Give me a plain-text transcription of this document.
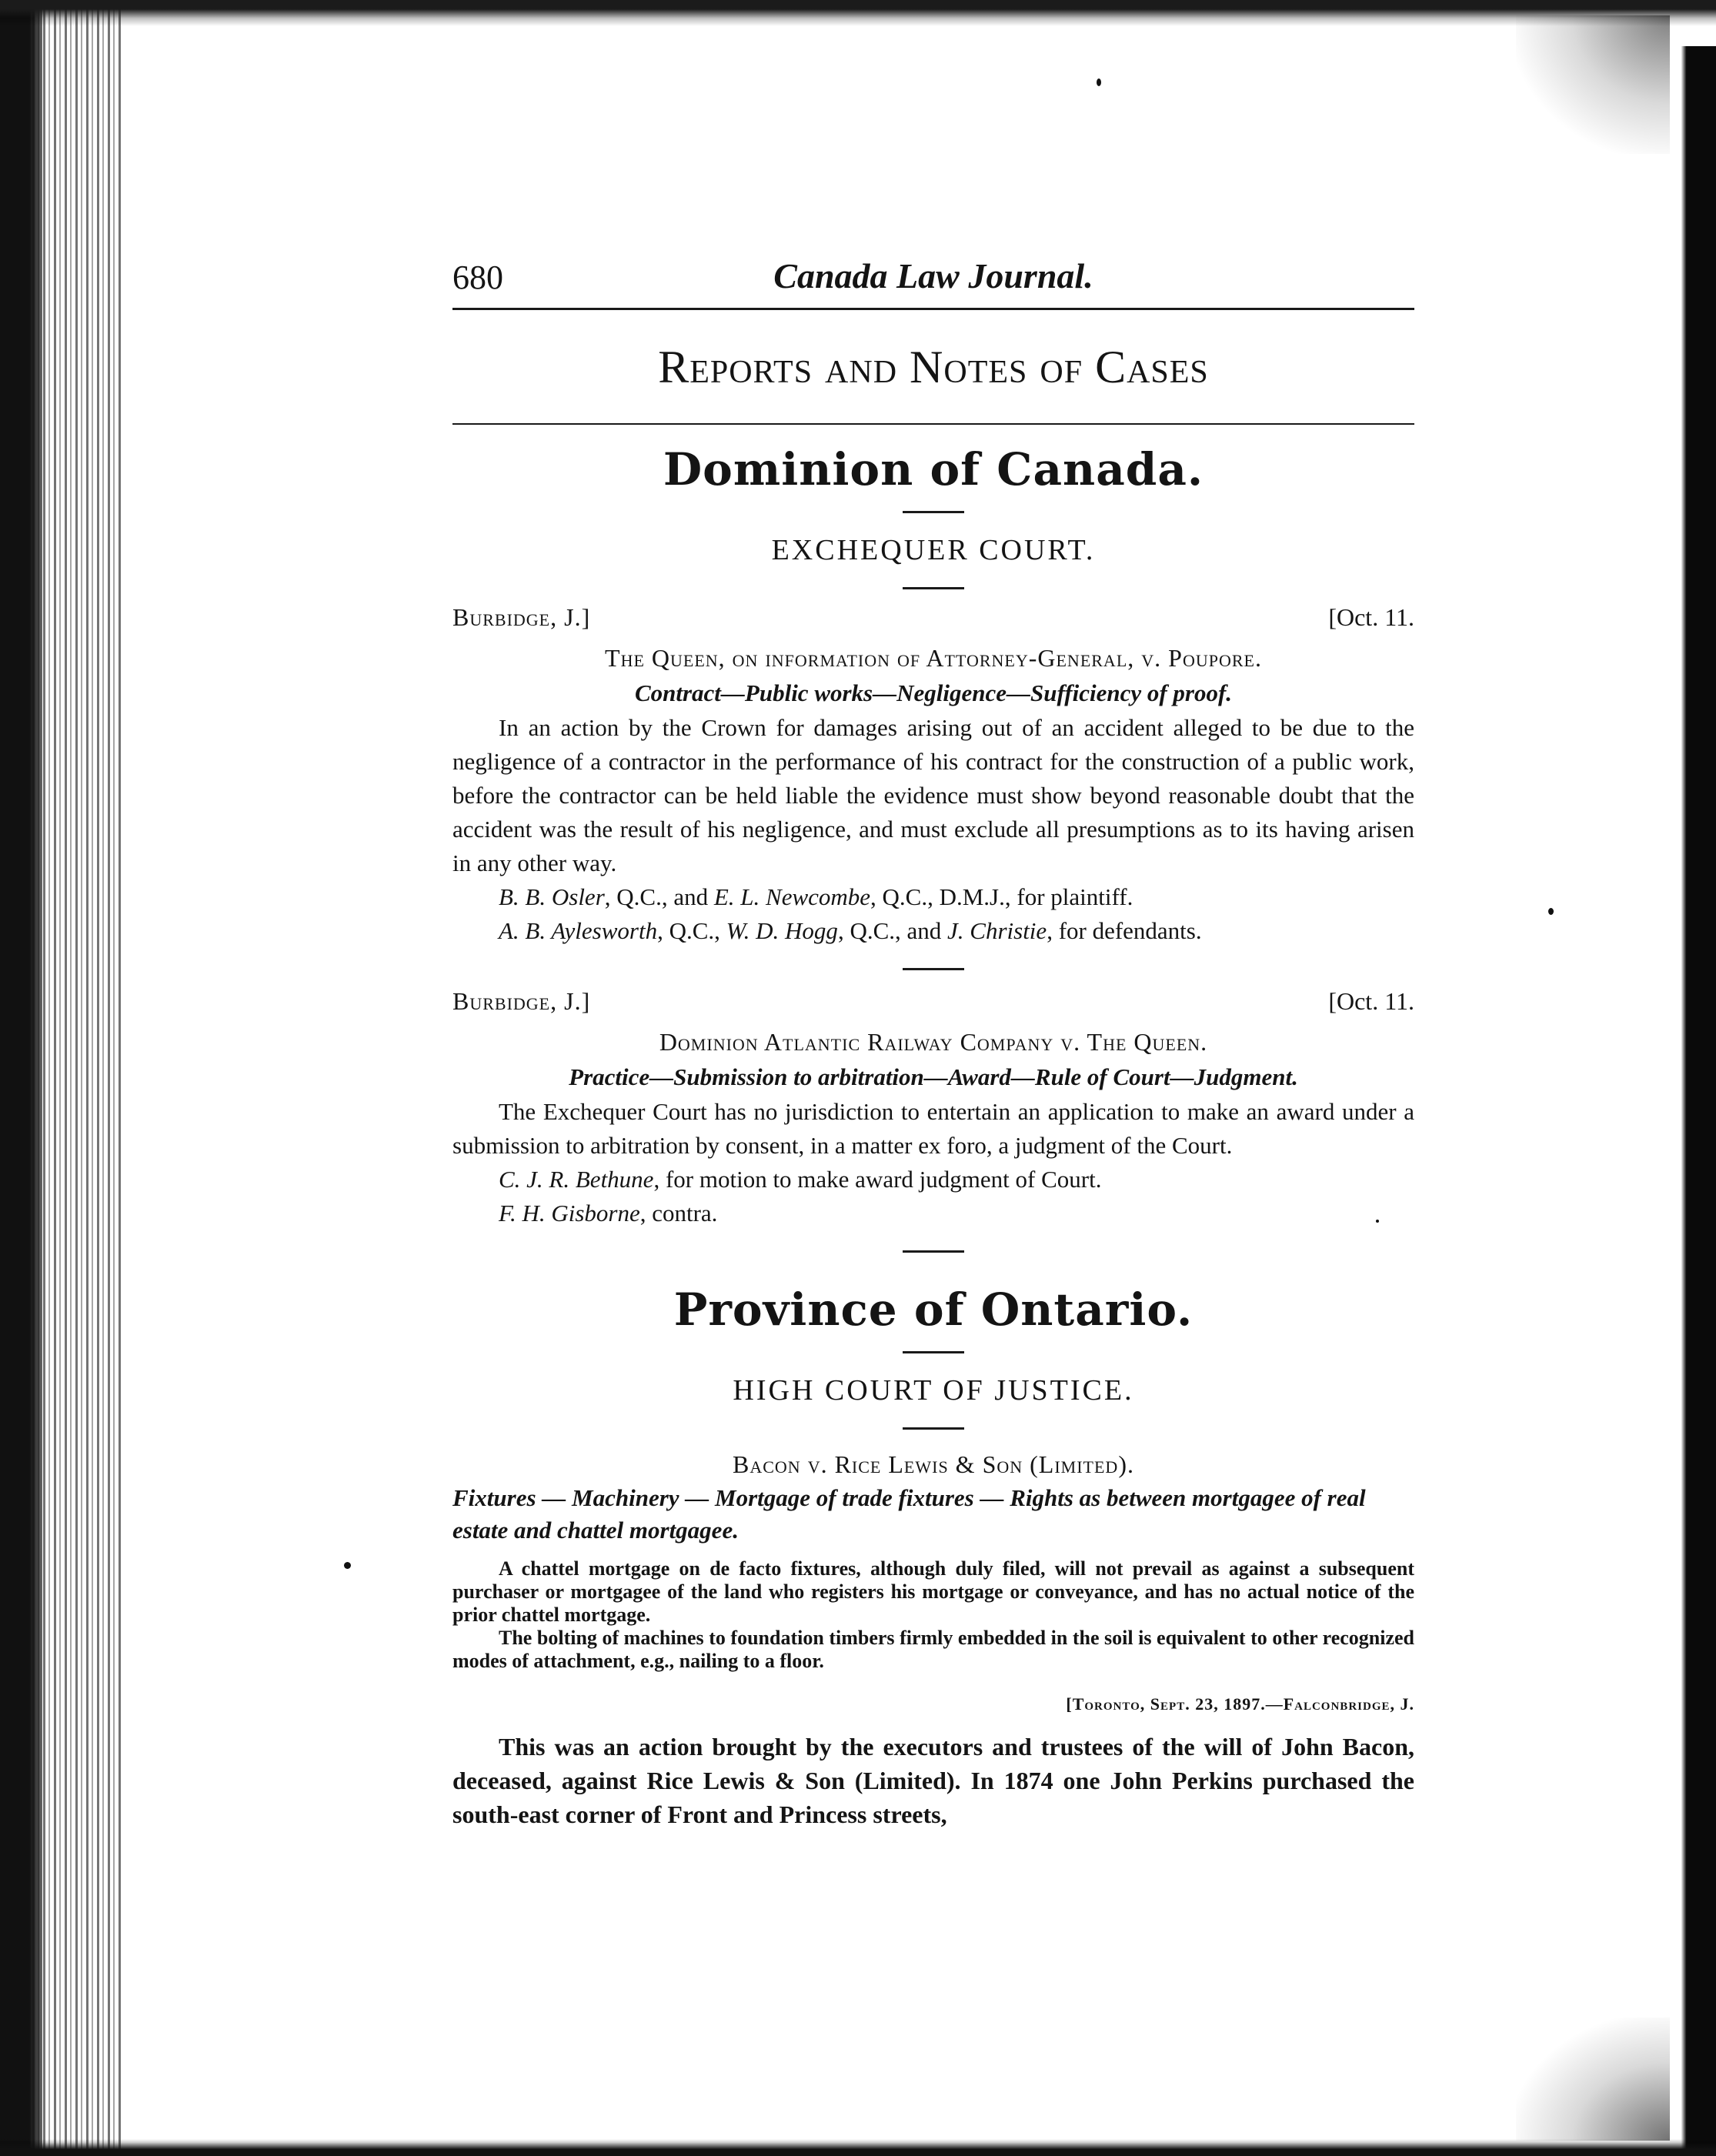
680	Canada Law Journal.
Reports and Notes of Cases
Dominion of Canada.
EXCHEQUER COURT.
Burbidge, J.]	[Oct. 11.
The Queen, on information of Attorney-General, v. Poupore.
Contract—Public works—Negligence—Sufficiency of proof.

In an action by the Crown for damages arising out of an accident alleged to be due to the negligence of a contractor in the performance of his contract for the construction of a public work, before the contractor can be held liable the evidence must show beyond reasonable doubt that the accident was the result of his negligence, and must exclude all presumptions as to its having arisen in any other way.

B. B. Osler, Q.C., and E. L. Newcombe, Q.C., D.M.J., for plaintiff.
A. B. Aylesworth, Q.C., W. D. Hogg, Q.C., and J. Christie, for defendants.
Burbidge, J.]	[Oct. 11.
Dominion Atlantic Railway Company v. The Queen.
Practice—Submission to arbitration—Award—Rule of Court—Judgment.

The Exchequer Court has no jurisdiction to entertain an application to make an award under a submission to arbitration by consent, in a matter ex foro, a judgment of the Court.

C. J. R. Bethune, for motion to make award judgment of Court.
F. H. Gisborne, contra.
Province of Ontario.
HIGH COURT OF JUSTICE.
Bacon v. Rice Lewis & Son (Limited).
Fixtures — Machinery — Mortgage of trade fixtures — Rights as between mortgagee of real estate and chattel mortgagee.

A chattel mortgage on de facto fixtures, although duly filed, will not prevail as against a subsequent purchaser or mortgagee of the land who registers his mortgage or conveyance, and has no actual notice of the prior chattel mortgage.

The bolting of machines to foundation timbers firmly embedded in the soil is equivalent to other recognized modes of attachment, e.g., nailing to a floor.

[Toronto, Sept. 23, 1897.—Falconbridge, J.

This was an action brought by the executors and trustees of the will of John Bacon, deceased, against Rice Lewis & Son (Limited). In 1874 one John Perkins purchased the south-east corner of Front and Princess streets,
